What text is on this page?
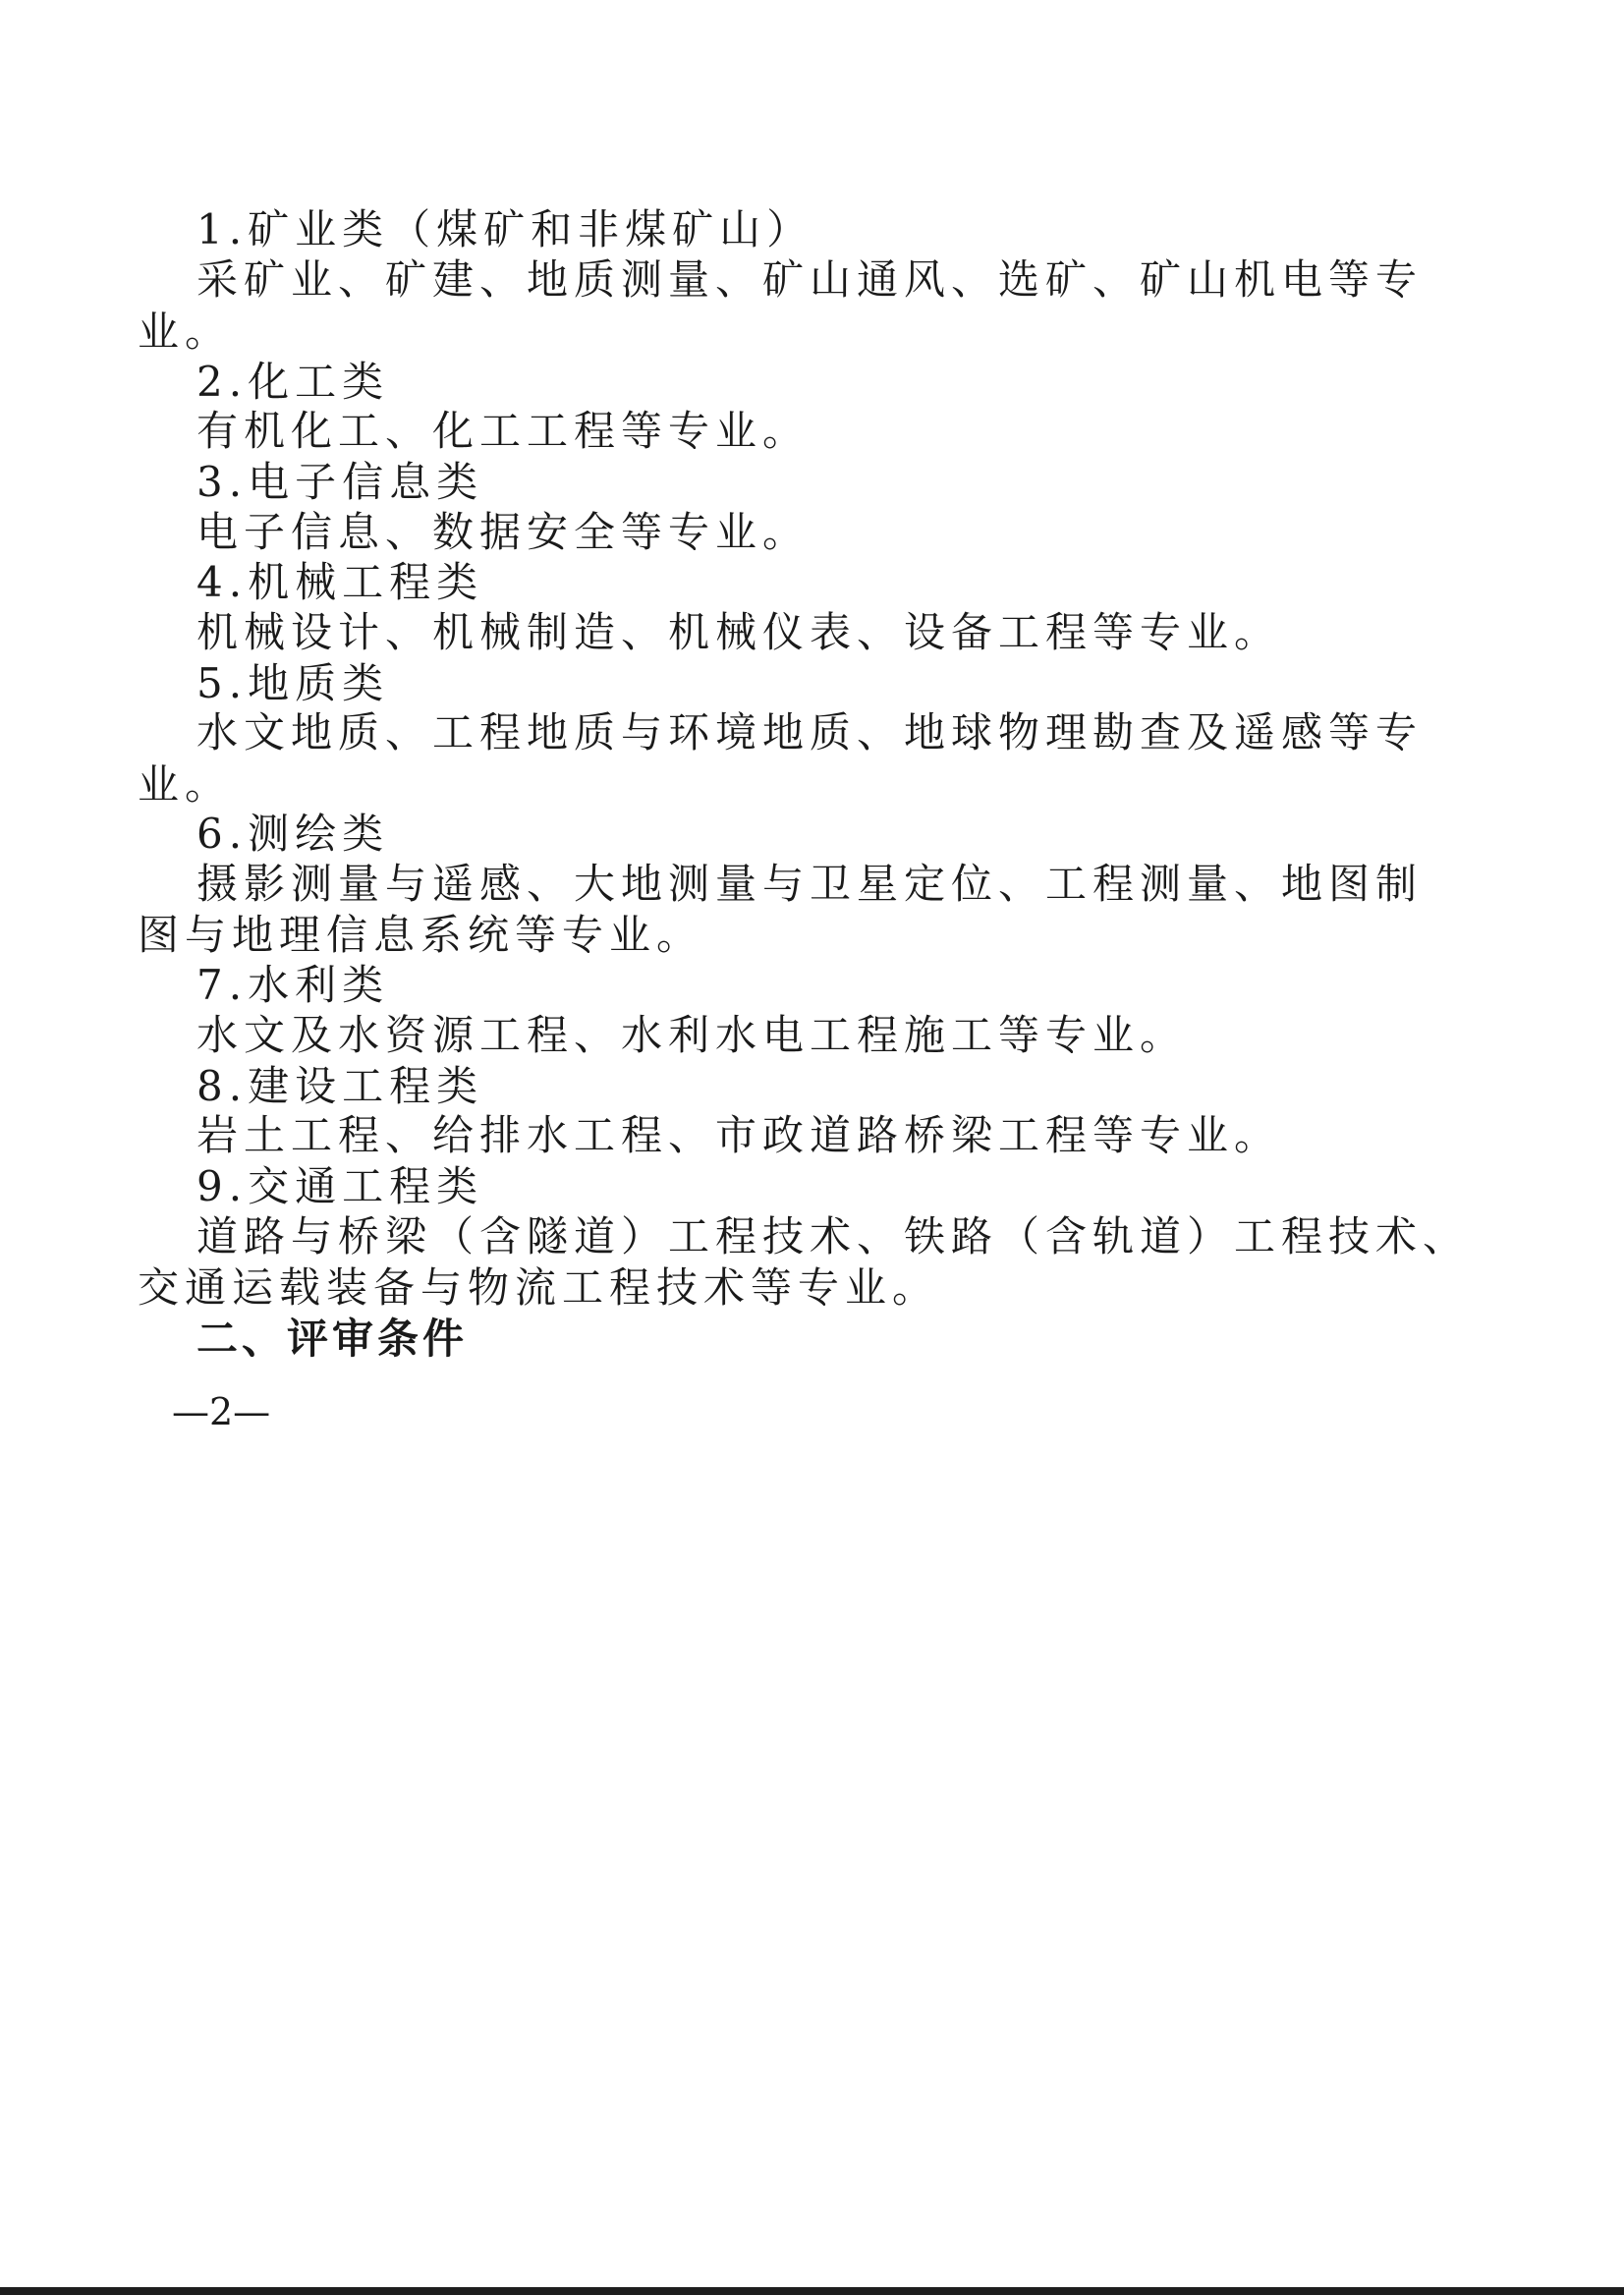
1.矿业类（煤矿和非煤矿山）
采矿业、矿建、地质测量、矿山通风、选矿、矿山机电等专
业。
2.化工类
有机化工、化工工程等专业。
3.电子信息类
电子信息、数据安全等专业。
4.机械工程类
机械设计、机械制造、机械仪表、设备工程等专业。
5.地质类
水文地质、工程地质与环境地质、地球物理勘查及遥感等专
业。
6.测绘类
摄影测量与遥感、大地测量与卫星定位、工程测量、地图制
图与地理信息系统等专业。
7.水利类
水文及水资源工程、水利水电工程施工等专业。
8.建设工程类
岩土工程、给排水工程、市政道路桥梁工程等专业。
9.交通工程类
道路与桥梁（含隧道）工程技术、铁路（含轨道）工程技术、
交通运载装备与物流工程技术等专业。
二、评审条件
—2—
